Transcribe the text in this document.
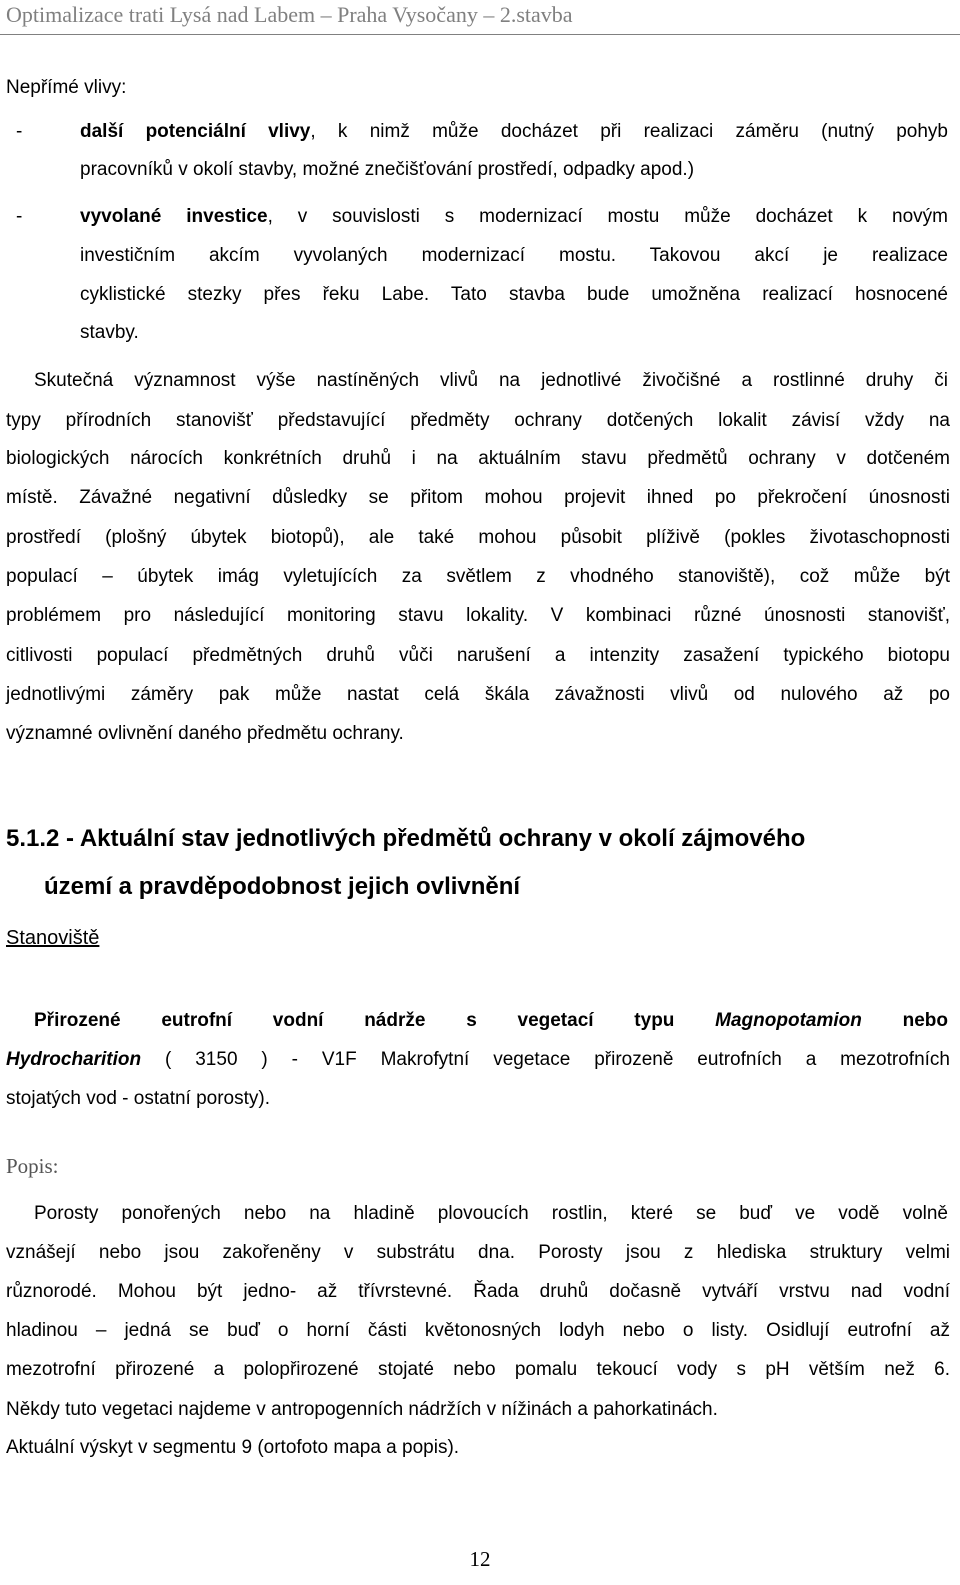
Optimalizace trati Lysá nad Labem – Praha Vysočany – 2.stavba
Nepřímé vlivy:
-	další potenciální vlivy, k nimž může docházet při realizaci záměru (nutný pohyb
pracovníků v okolí stavby, možné znečišťování prostředí, odpadky apod.)
-	vyvolané investice, v souvislosti s modernizací mostu může docházet k novým
investičním akcím vyvolaných modernizací mostu. Takovou akcí je realizace
cyklistické stezky přes řeku Labe. Tato stavba bude umožněna realizací hosnocené
stavby.
Skutečná významnost výše nastíněných vlivů na jednotlivé živočišné a rostlinné druhy či
typy přírodních stanovišť představující předměty ochrany dotčených lokalit závisí vždy na
biologických nárocích konkrétních druhů i na aktuálním stavu předmětů ochrany v dotčeném
místě. Závažné negativní důsledky se přitom mohou projevit ihned po překročení únosnosti
prostředí (plošný úbytek biotopů), ale také mohou působit plíživě (pokles životaschopnosti
populací – úbytek imág vyletujících za světlem z vhodného stanoviště), což může být
problémem pro následující monitoring stavu lokality. V kombinaci různé únosnosti stanovišť,
citlivosti populací předmětných druhů vůči narušení a intenzity zasažení typického biotopu
jednotlivými záměry pak může nastat celá škála závažnosti vlivů od nulového až po
významné ovlivnění daného předmětu ochrany.
5.1.2 - Aktuální stav jednotlivých předmětů ochrany v okolí zájmového
území a pravděpodobnost jejich ovlivnění
Stanoviště
Přirozené eutrofní vodní nádrže s vegetací typu Magnopotamion nebo
Hydrocharition ( 3150 ) - V1F Makrofytní vegetace přirozeně eutrofních a mezotrofních
stojatých vod - ostatní porosty).
Popis:
Porosty ponořených nebo na hladině plovoucích rostlin, které se buď ve vodě volně
vznášejí nebo jsou zakořeněny v substrátu dna. Porosty jsou z hlediska struktury velmi
různorodé. Mohou být jedno- až třívrstevné. Řada druhů dočasně vytváří vrstvu nad vodní
hladinou – jedná se buď o horní části květonosných lodyh nebo o listy. Osidlují eutrofní až
mezotrofní přirozené a polopřirozené stojaté nebo pomalu tekoucí vody s pH větším než 6.
Někdy tuto vegetaci najdeme v antropogenních nádržích v nížinách a pahorkatinách.
Aktuální výskyt v segmentu 9 (ortofoto mapa a popis).
12
